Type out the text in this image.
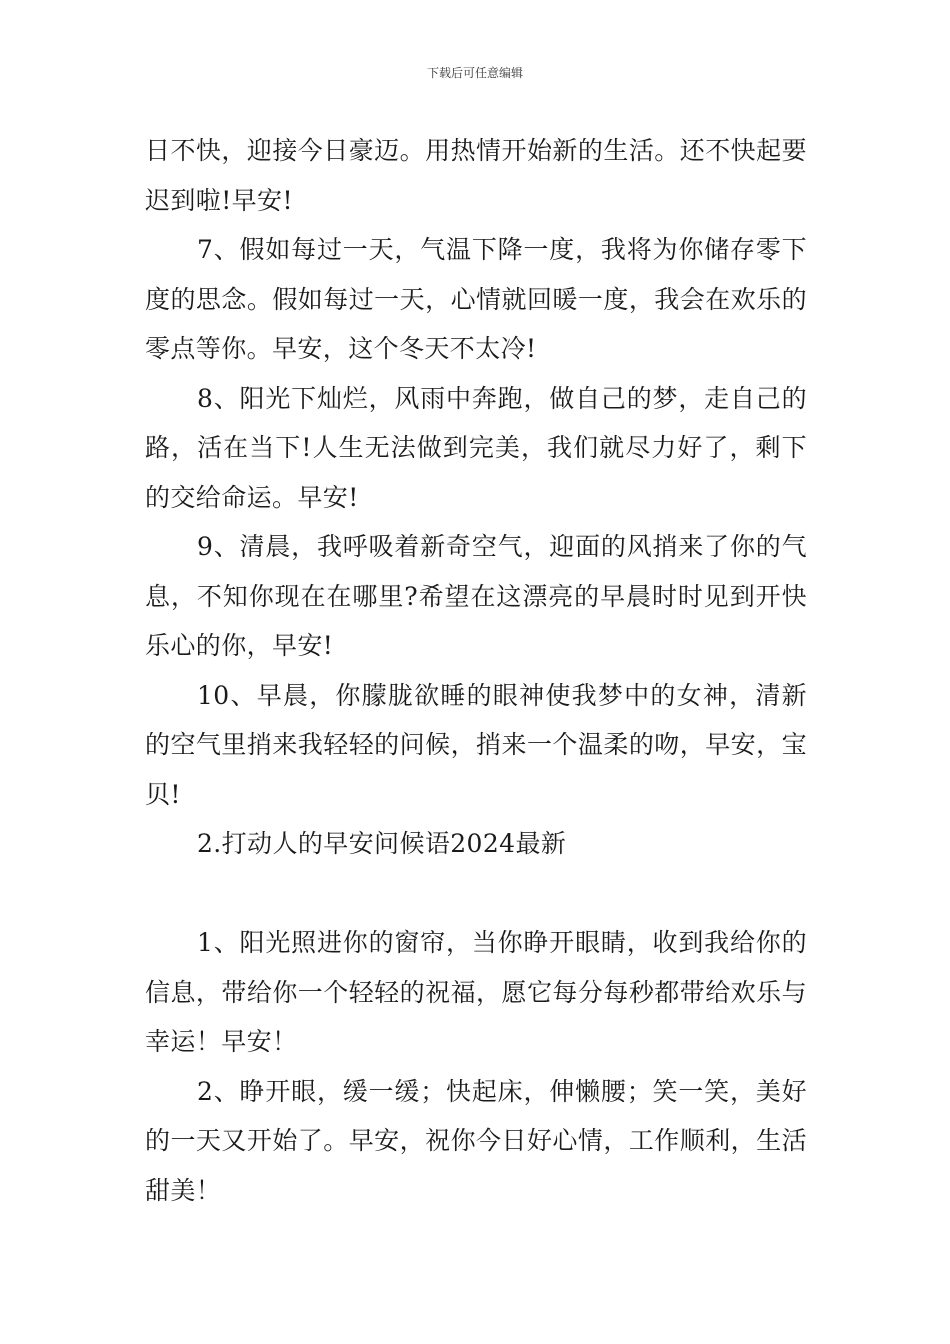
下载后可任意编辑

日不快，迎接今日豪迈。用热情开始新的生活。还不快起要迟到啦!早安!

7、假如每过一天，气温下降一度，我将为你储存零下度的思念。假如每过一天，心情就回暖一度，我会在欢乐的零点等你。早安，这个冬天不太冷!

8、阳光下灿烂，风雨中奔跑，做自己的梦，走自己的路，活在当下!人生无法做到完美，我们就尽力好了，剩下的交给命运。早安!

9、清晨，我呼吸着新奇空气，迎面的风捎来了你的气息，不知你现在在哪里?希望在这漂亮的早晨时时见到开快乐心的你，早安!

10、早晨，你朦胧欲睡的眼神使我梦中的女神，清新的空气里捎来我轻轻的问候，捎来一个温柔的吻，早安，宝贝!

2.打动人的早安问候语2024最新

1、阳光照进你的窗帘，当你睁开眼睛，收到我给你的信息，带给你一个轻轻的祝福，愿它每分每秒都带给欢乐与幸运！早安！

2、睁开眼，缓一缓；快起床，伸懒腰；笑一笑，美好的一天又开始了。早安，祝你今日好心情，工作顺利，生活甜美！
